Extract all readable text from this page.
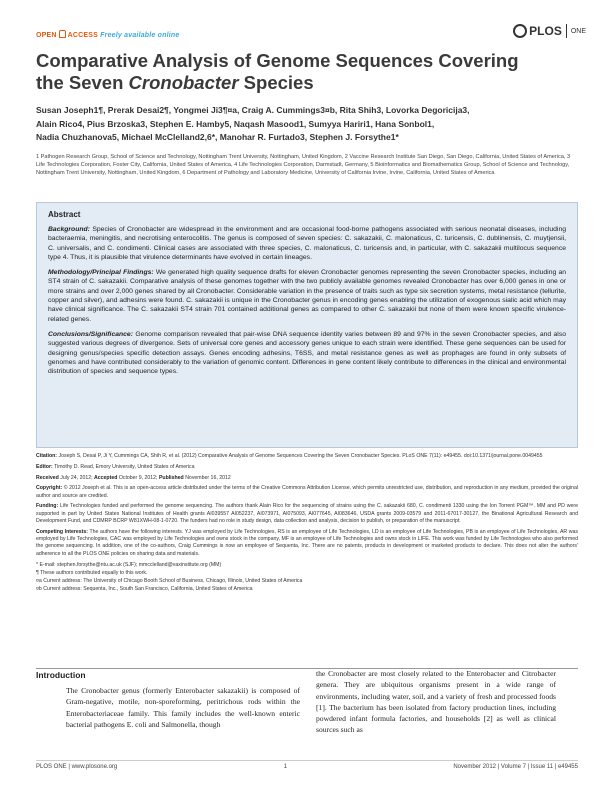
OPEN ACCESS Freely available online	PLOS ONE
Comparative Analysis of Genome Sequences Covering
the Seven Cronobacter Species
Susan Joseph1¶, Prerak Desai2¶, Yongmei Ji3¶¤a, Craig A. Cummings3¤b, Rita Shih3, Lovorka Degoricija3,
Alain Rico4, Pius Brzoska3, Stephen E. Hamby5, Naqash Masood1, Sumyya Hariri1, Hana Sonbol1,
Nadia Chuzhanova5, Michael McClelland2,6*, Manohar R. Furtado3, Stephen J. Forsythe1*
1 Pathogen Research Group, School of Science and Technology, Nottingham Trent University, Nottingham, United Kingdom, 2 Vaccine Research Institute San Diego, San Diego, California, United States of America, 3 Life Technologies Corporation, Foster City, California, United States of America, 4 Life Technologies Corporation, Darmstadt, Germany, 5 Bioinformatics and Biomathematics Group, School of Science and Technology, Nottingham Trent University, Nottingham, United Kingdom, 6 Department of Pathology and Laboratory Medicine, University of California Irvine, Irvine, California, United States of America
Abstract

Background: Species of Cronobacter are widespread in the environment and are occasional food-borne pathogens associated with serious neonatal diseases, including bacteraemia, meningitis, and necrotising enterocolitis. The genus is composed of seven species: C. sakazakii, C. malonaticus, C. turicensis, C. dublinensis, C. muytjensii, C. universalis, and C. condimenti. Clinical cases are associated with three species, C. malonaticus, C. turicensis and, in particular, with C. sakazakii multilocus sequence type 4. Thus, it is plausible that virulence determinants have evolved in certain lineages.

Methodology/Principal Findings: We generated high quality sequence drafts for eleven Cronobacter genomes representing the seven Cronobacter species, including an ST4 strain of C. sakazakii. Comparative analysis of these genomes together with the two publicly available genomes revealed Cronobacter has over 6,000 genes in one or more strains and over 2,000 genes shared by all Cronobacter. Considerable variation in the presence of traits such as type six secretion systems, metal resistance (tellurite, copper and silver), and adhesins were found. C. sakazakii is unique in the Cronobacter genus in encoding genes enabling the utilization of exogenous sialic acid which may have clinical significance. The C. sakazakii ST4 strain 701 contained additional genes as compared to other C. sakazakii but none of them were known specific virulence-related genes.

Conclusions/Significance: Genome comparison revealed that pair-wise DNA sequence identity varies between 89 and 97% in the seven Cronobacter species, and also suggested various degrees of divergence. Sets of universal core genes and accessory genes unique to each strain were identified. These gene sequences can be used for designing genus/species specific detection assays. Genes encoding adhesins, T6SS, and metal resistance genes as well as prophages are found in only subsets of genomes and have contributed considerably to the variation of genomic content. Differences in gene content likely contribute to differences in the clinical and environmental distribution of species and sequence types.

Citation: Joseph S, Desai P, Ji Y, Cummings CA, Shih R, et al. (2012) Comparative Analysis of Genome Sequences Covering the Seven Cronobacter Species. PLoS ONE 7(11): e49455. doi:10.1371/journal.pone.0049455

Editor: Timothy D. Read, Emory University, United States of America

Received July 24, 2012; Accepted October 9, 2012; Published November 16, 2012

Copyright: © 2012 Joseph et al. This is an open-access article distributed under the terms of the Creative Commons Attribution License, which permits unrestricted use, distribution, and reproduction in any medium, provided the original author and source are credited.

Funding: Life Technologies funded and performed the genome sequencing. The authors thank Alain Rico for the sequencing of strains using the C. sakazakii 680, C. condimenti 1330 using the Ion Torrent PGM™. MM and PD were supported in part by United States National Institutes of Health grants AI039557 AI052237, AI073971, AI075093, AI077645, AI083646, USDA grants 2009-03579 and 2011-67017-30127, the Binational Agricultural Research and Development Fund, and CDMRP BCRP W81XWH-08-1-0720. The funders had no role in study design, data collection and analysis, decision to publish, or preparation of the manuscript.

Competing Interests: The authors have the following interests. YJ was employed by Life Technologies, RS is an employee of Life Technologies, LD is an employee of Life Technologies, PB is an employee of Life Technologies, AR was employed by Life Technologies, CAC was employed by Life Technologies and owns stock in the company, MF is an employee of Life Technologies and owns stock in LIFE. This work was funded by Life Technologies who also performed the genome sequencing. In addition, one of the co-authors, Craig Cummings is now an employee of Sequenta, Inc. There are no patents, products in development or marketed products to declare. This does not alter the authors' adherence to all the PLOS ONE policies on sharing data and materials.

* E-mail: stephen.forsythe@ntu.ac.uk (SJF); mmcclelland@vaxinstitute.org (MM)

¶ These authors contributed equally to this work.

¤a Current address: The University of Chicago Booth School of Business, Chicago, Illinois, United States of America

¤b Current address: Sequenta, Inc., South San Francisco, California, United States of America

Introduction

The Cronobacter genus (formerly Enterobacter sakazakii) is composed of Gram-negative, motile, non-sporeforming, peritrichous rods within the Enterobacteriaceae family. This family includes the well-known enteric bacterial pathogens E. coli and Salmonella, though

the Cronobacter are most closely related to the Enterobacter and Citrobacter genera. They are ubiquitous organisms present in a wide range of environments, including water, soil, and a variety of fresh and processed foods [1]. The bacterium has been isolated from factory production lines, including powdered infant formula factories, and households [2] as well as clinical sources such as

PLOS ONE | www.plosone.org	1	November 2012 | Volume 7 | Issue 11 | e49455
